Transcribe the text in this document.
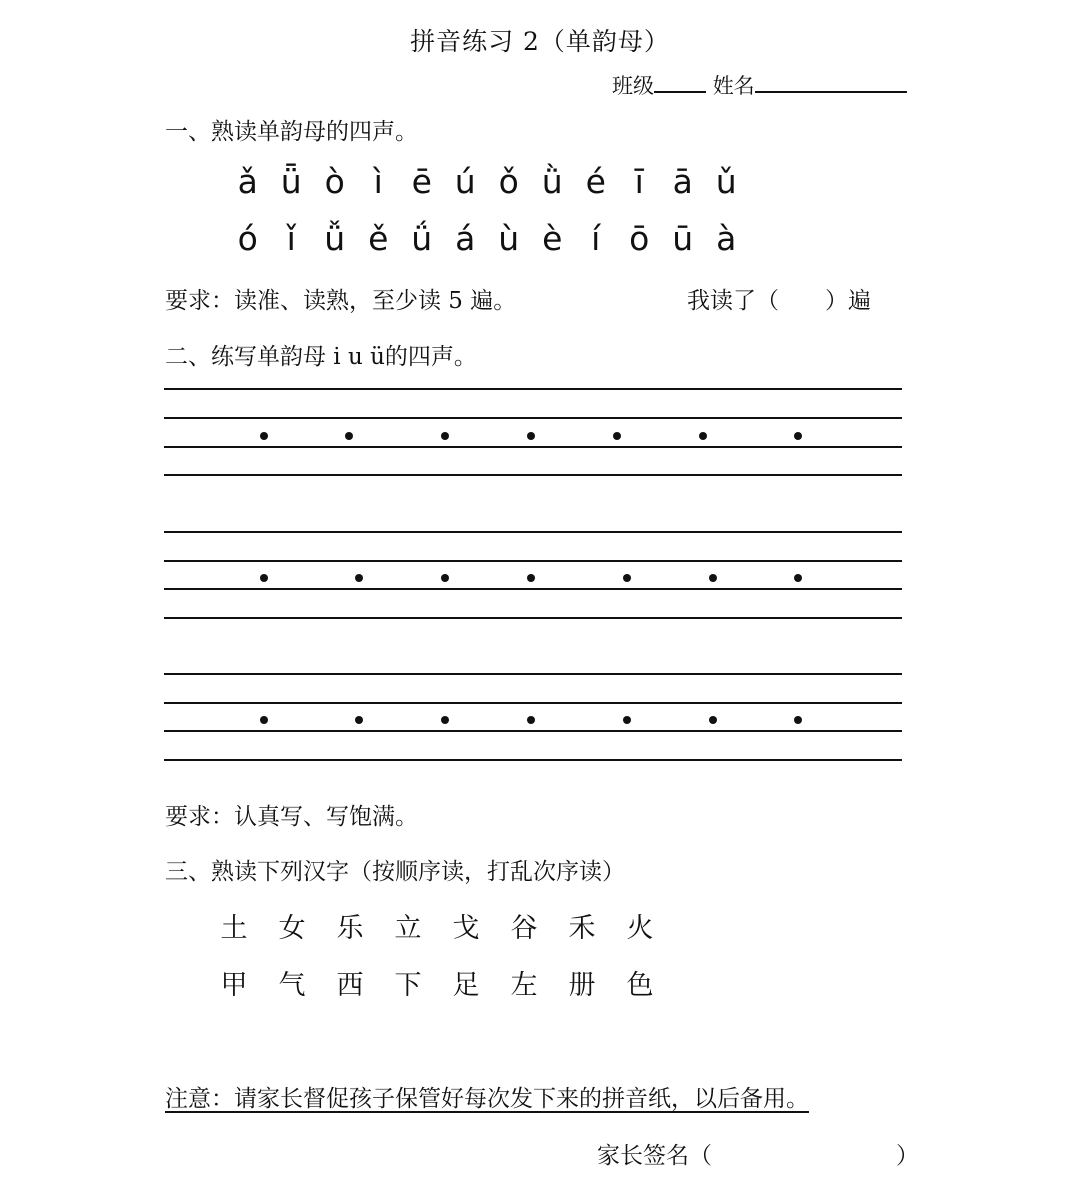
拼音练习 2（单韵母）
班级	姓名
一、熟读单韵母的四声。
ǎ ǖ ò ì ē ú ǒ ǜ é ī ā ǔ
ó ǐ ǚ ě ǘ á ù è í ō ū à
要求：读准、读熟，至少读 5 遍。	我读了（　　）遍
二、练写单韵母 i u ü的四声。
要求：认真写、写饱满。
三、熟读下列汉字（按顺序读，打乱次序读）
土 女 乐 立 戈 谷 禾 火
甲 气 西 下 足 左 册 色
注意：请家长督促孩子保管好每次发下来的拼音纸，以后备用。
家长签名（　　　　　　　　）
